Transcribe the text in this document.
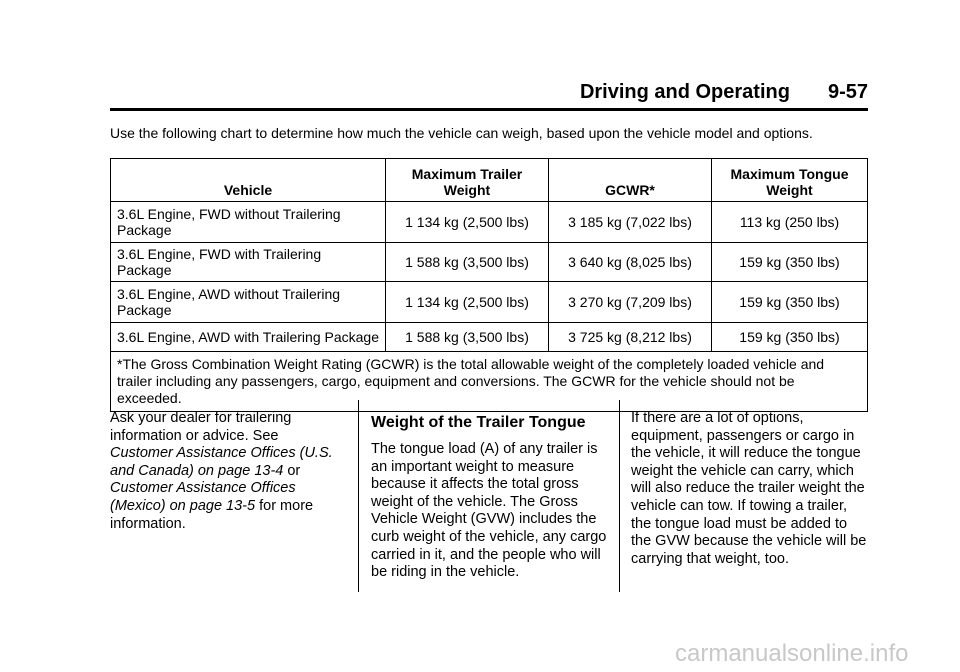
Driving and Operating 9-57
Use the following chart to determine how much the vehicle can weigh, based upon the vehicle model and options.
Vehicle	Maximum Trailer Weight	GCWR*	Maximum Tongue Weight
3.6L Engine, FWD without Trailering Package	1 134 kg (2,500 lbs)	3 185 kg (7,022 lbs)	113 kg (250 lbs)
3.6L Engine, FWD with Trailering Package	1 588 kg (3,500 lbs)	3 640 kg (8,025 lbs)	159 kg (350 lbs)
3.6L Engine, AWD without Trailering Package	1 134 kg (2,500 lbs)	3 270 kg (7,209 lbs)	159 kg (350 lbs)
3.6L Engine, AWD with Trailering Package	1 588 kg (3,500 lbs)	3 725 kg (8,212 lbs)	159 kg (350 lbs)
*The Gross Combination Weight Rating (GCWR) is the total allowable weight of the completely loaded vehicle and trailer including any passengers, cargo, equipment and conversions. The GCWR for the vehicle should not be exceeded.			

Ask your dealer for trailering information or advice. See Customer Assistance Offices (U.S. and Canada) on page 13-4 or Customer Assistance Offices (Mexico) on page 13-5 for more information.

Weight of the Trailer Tongue

The tongue load (A) of any trailer is an important weight to measure because it affects the total gross weight of the vehicle. The Gross Vehicle Weight (GVW) includes the curb weight of the vehicle, any cargo carried in it, and the people who will be riding in the vehicle.

If there are a lot of options, equipment, passengers or cargo in the vehicle, it will reduce the tongue weight the vehicle can carry, which will also reduce the trailer weight the vehicle can tow. If towing a trailer, the tongue load must be added to the GVW because the vehicle will be carrying that weight, too.

carmanualsonline.info
